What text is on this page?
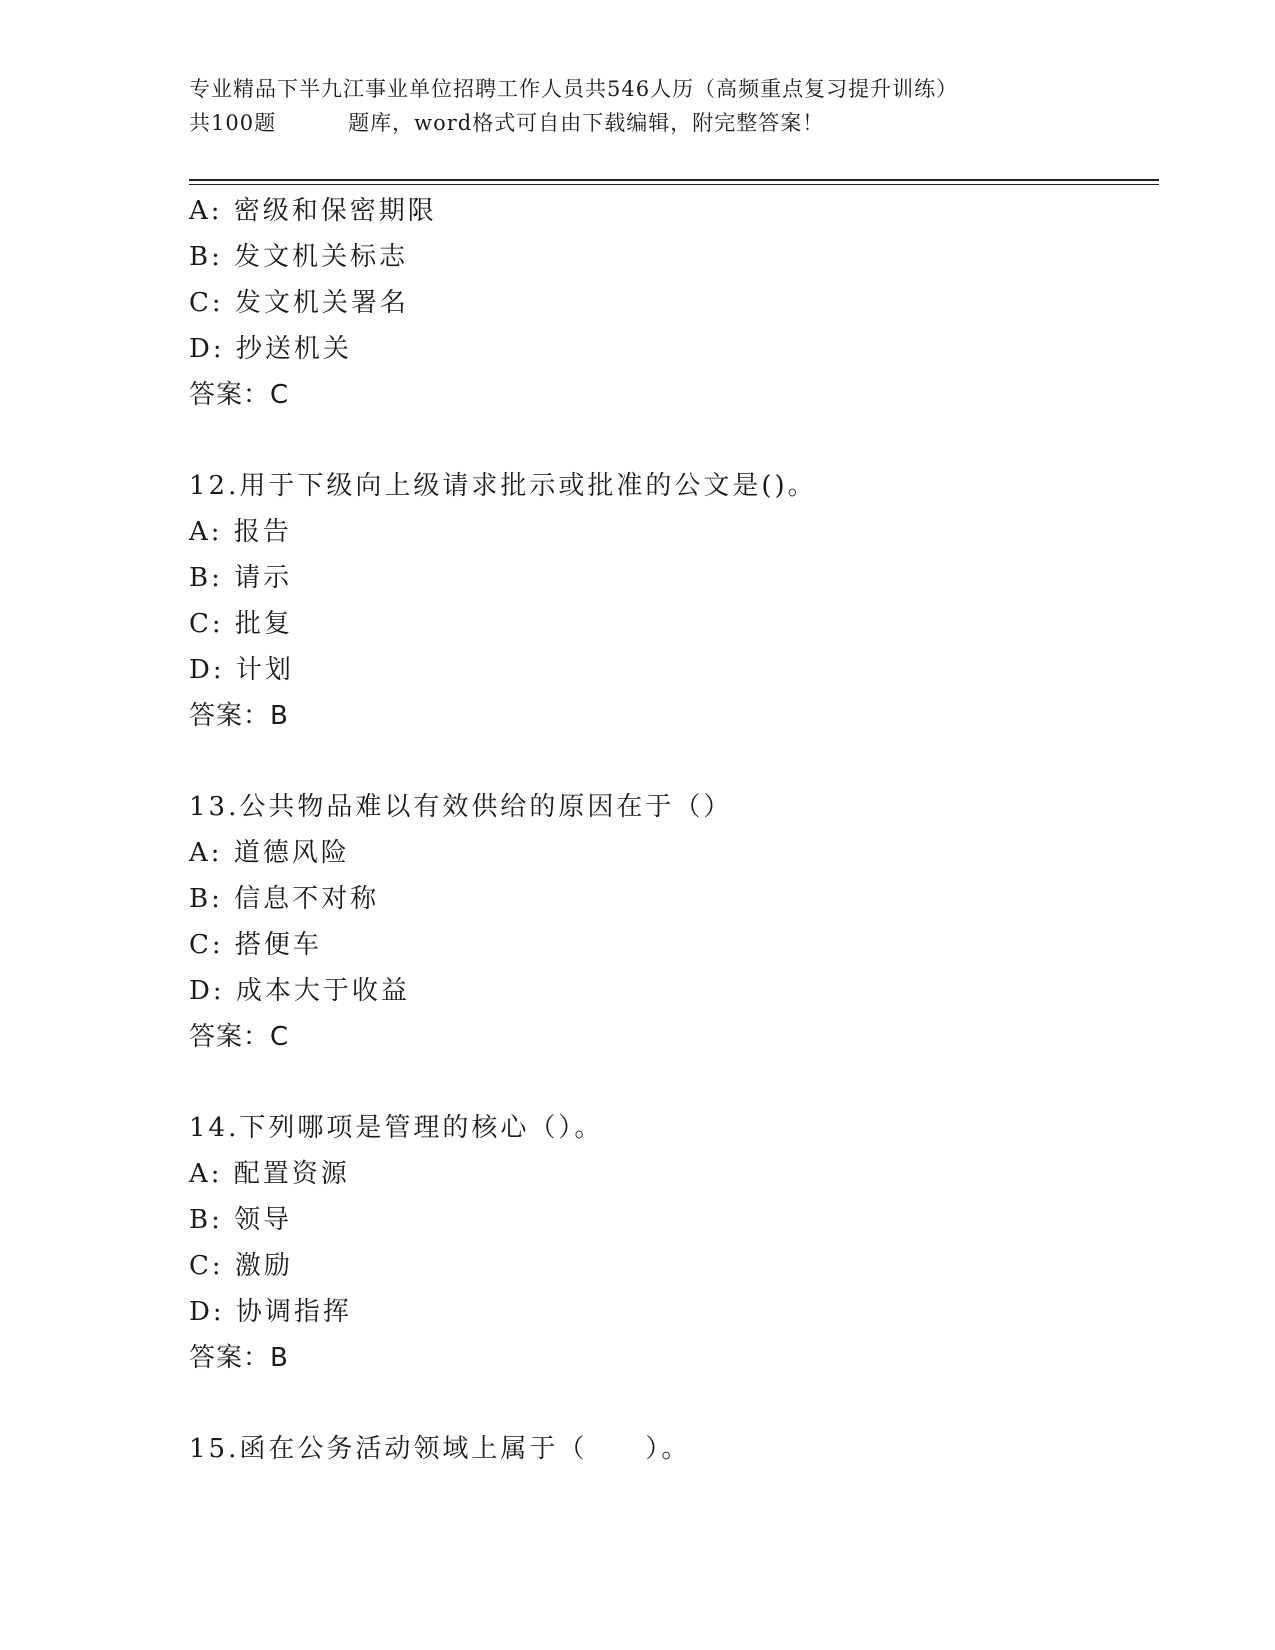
专业精品下半九江事业单位招聘工作人员共546人历（高频重点复习提升训练）
共100题	题库，word格式可自由下载编辑，附完整答案！
A: 密级和保密期限
B: 发文机关标志
C: 发文机关署名
D: 抄送机关
答案：C
12.用于下级向上级请求批示或批准的公文是()。
A: 报告
B: 请示
C: 批复
D: 计划
答案：B
13.公共物品难以有效供给的原因在于（）
A: 道德风险
B: 信息不对称
C: 搭便车
D: 成本大于收益
答案：C
14.下列哪项是管理的核心（）。
A: 配置资源
B: 领导
C: 激励
D: 协调指挥
答案：B
15.函在公务活动领域上属于（　　）。
